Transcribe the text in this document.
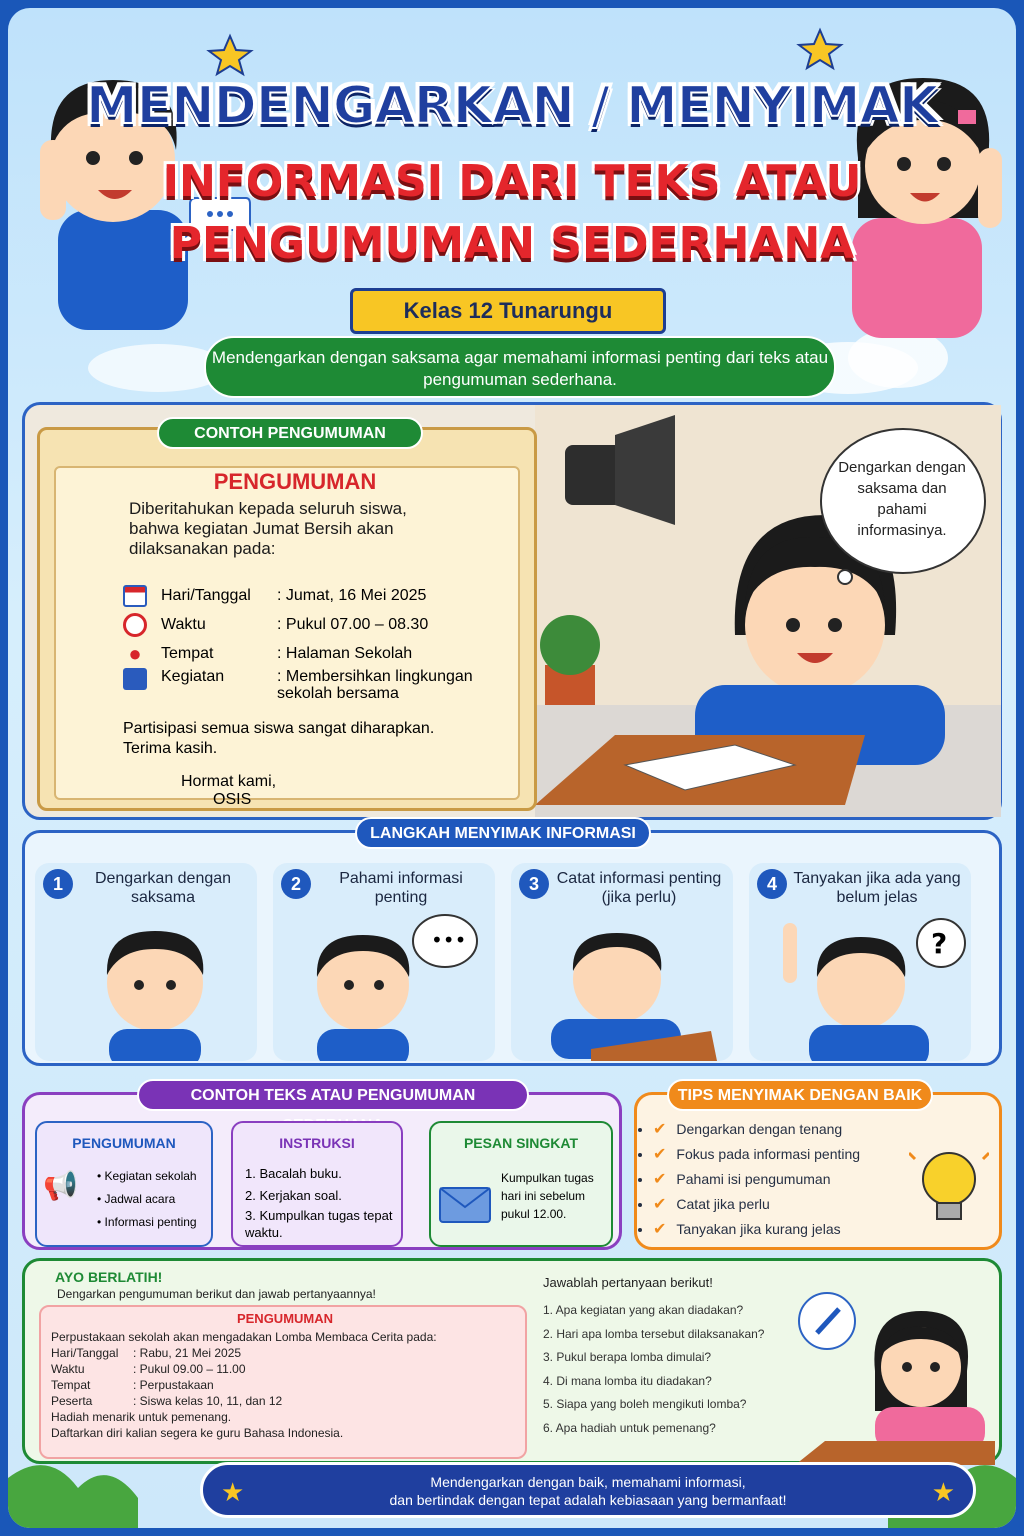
MENDENGARKAN / MENYIMAK
INFORMASI DARI TEKS ATAU
PENGUMUMAN SEDERHANA
Kelas 12 Tunarungu
Mendengarkan dengan saksama agar memahami informasi penting dari teks atau pengumuman sederhana.
Dengarkan dengan saksama dan pahami informasinya.
CONTOH PENGUMUMAN
PENGUMUMAN
Diberitahukan kepada seluruh siswa, bahwa kegiatan Jumat Bersih akan dilaksanakan pada:
Hari/Tanggal	: Jumat, 16 Mei 2025
Waktu	: Pukul 07.00 – 08.30
●	Tempat	: Halaman Sekolah
Kegiatan	: Membersihkan lingkungan sekolah bersama
Partisipasi semua siswa sangat diharapkan. Terima kasih.
Hormat kami,
OSIS
LANGKAH MENYIMAK INFORMASI
1	Dengarkan dengan saksama
2	Pahami informasi penting
•••
3	Catat informasi penting (jika perlu)
4	Tanyakan jika ada yang belum jelas
?
CONTOH TEKS ATAU PENGUMUMAN
PENGUMUMAN
📢 • Kegiatan sekolah
• Jadwal acara
• Informasi penting
INSTRUKSI
1. Bacalah buku.
2. Kerjakan soal.
3. Kumpulkan tugas tepat waktu.
PESAN SINGKAT
Kumpulkan tugas hari ini sebelum pukul 12.00.
TIPS MENYIMAK DENGAN BAIK
✔ • Dengarkan dengan tenang
✔ • Fokus pada informasi penting
✔ • Pahami isi pengumuman
✔ • Catat jika perlu
✔ • Tanyakan jika kurang jelas
AYO BERLATIH!
Dengarkan pengumuman berikut dan jawab pertanyaannya!
PENGUMUMAN
Perpustakaan sekolah akan mengadakan Lomba Membaca Cerita pada:
Hari/Tanggal	: Rabu, 21 Mei 2025
Waktu	: Pukul 09.00 – 11.00
Tempat	: Perpustakaan
Peserta	: Siswa kelas 10, 11, dan 12
Hadiah menarik untuk pemenang.
Daftarkan diri kalian segera ke guru Bahasa Indonesia.
Jawablah pertanyaan berikut!
1. Apa kegiatan yang akan diadakan?
2. Hari apa lomba tersebut dilaksanakan?
3. Pukul berapa lomba dimulai?
4. Di mana lomba itu diadakan?
5. Siapa yang boleh mengikuti lomba?
6. Apa hadiah untuk pemenang?
★	★
Mendengarkan dengan baik, memahami informasi,
dan bertindak dengan tepat adalah kebiasaan yang bermanfaat!
